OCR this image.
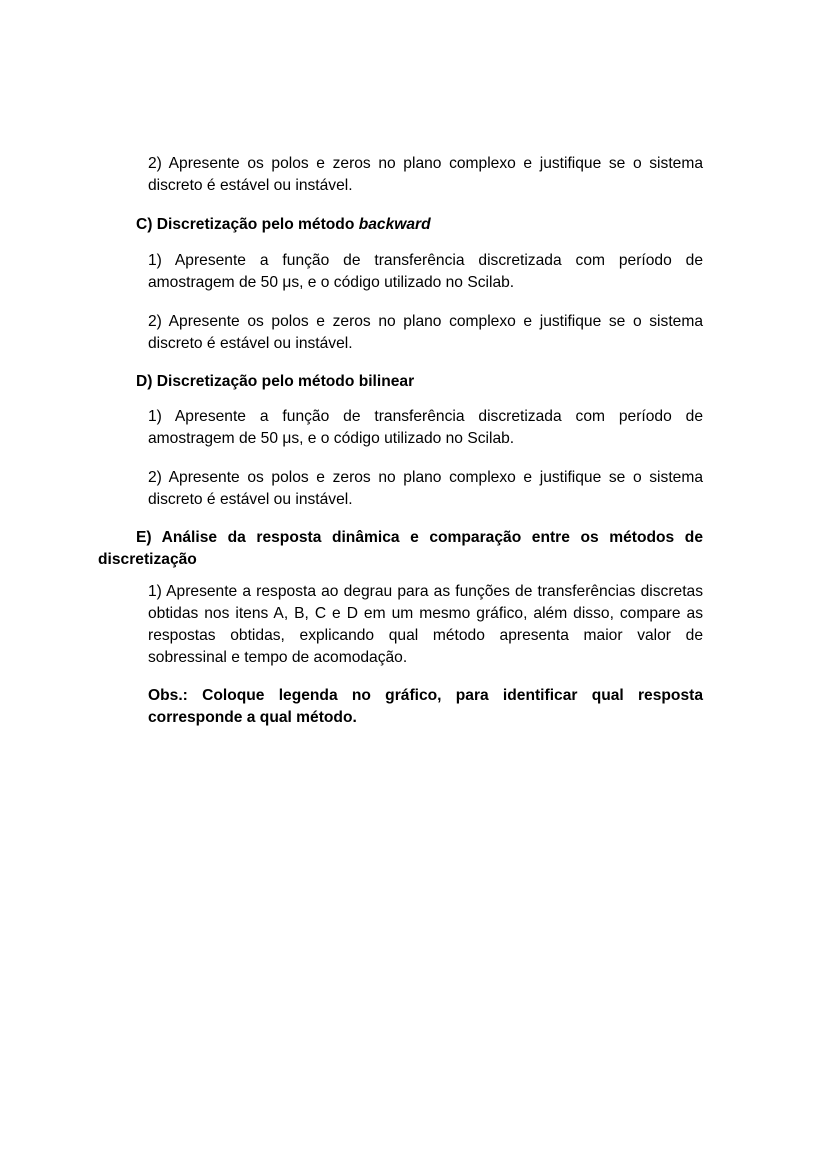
2) Apresente os polos e zeros no plano complexo e justifique se o sistema discreto é estável ou instável.

C) Discretização pelo método backward

1) Apresente a função de transferência discretizada com período de amostragem de 50 μs, e o código utilizado no Scilab.

2) Apresente os polos e zeros no plano complexo e justifique se o sistema discreto é estável ou instável.

D) Discretização pelo método bilinear

1) Apresente a função de transferência discretizada com período de amostragem de 50 μs, e o código utilizado no Scilab.

2) Apresente os polos e zeros no plano complexo e justifique se o sistema discreto é estável ou instável.

E) Análise da resposta dinâmica e comparação entre os métodos de discretização

1) Apresente a resposta ao degrau para as funções de transferências discretas obtidas nos itens A, B, C e D em um mesmo gráfico, além disso, compare as respostas obtidas, explicando qual método apresenta maior valor de sobressinal e tempo de acomodação.

Obs.: Coloque legenda no gráfico, para identificar qual resposta corresponde a qual método.
